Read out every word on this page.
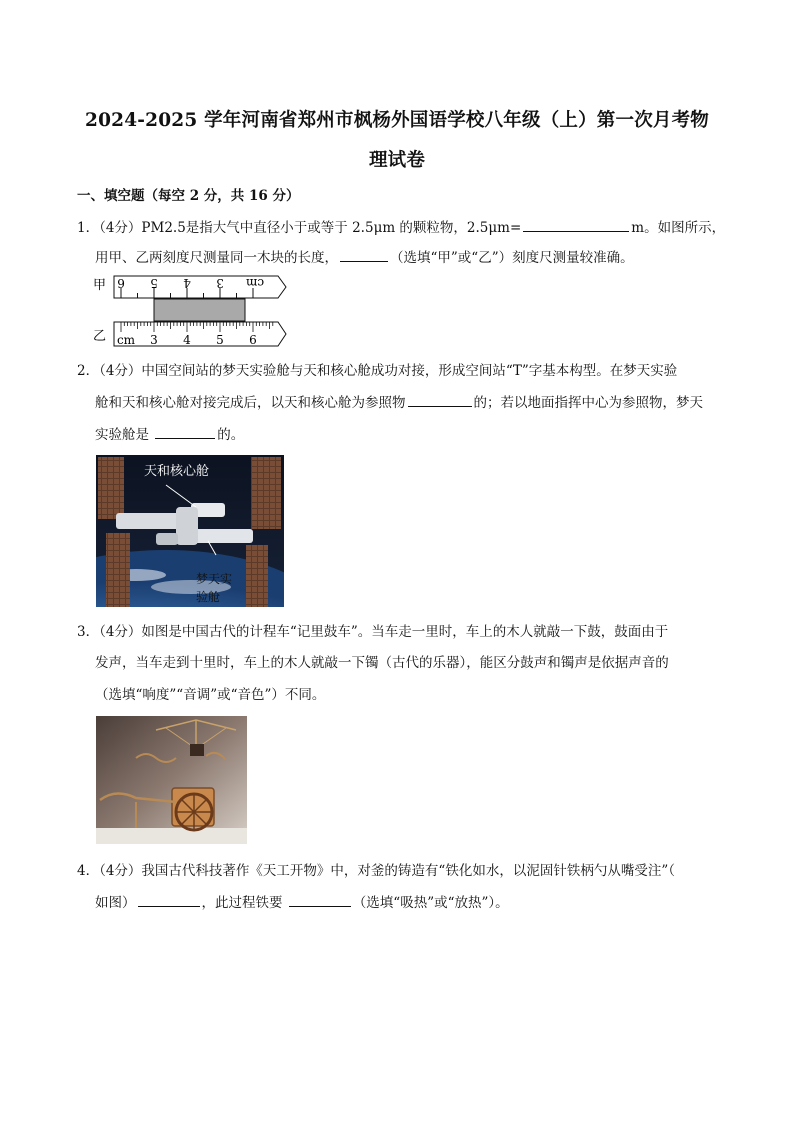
2024-2025 学年河南省郑州市枫杨外国语学校八年级（上）第一次月考物
理试卷
一、填空题（每空 2 分，共 16 分）
1．（4分）PM2.5是指大气中直径小于或等于 2.5μm 的颗粒物，2.5μm=	m。如图所示，
用甲、乙两刻度尺测量同一木块的长度，	（选填“甲”或“乙”）刻度尺测量较准确。
甲
乙
6 5 4 3 cm
cm 3 4 5 6
2．（4分）中国空间站的梦天实验舱与天和核心舱成功对接，形成空间站“T”字基本构型。在梦天实验
舱和天和核心舱对接完成后，以天和核心舱为参照物	的；若以地面指挥中心为参照物，梦天
实验舱是	的。
天和核心舱
梦天实
验舱
3．（4分）如图是中国古代的计程车“记里鼓车”。当车走一里时，车上的木人就敲一下鼓，鼓面由于
发声，当车走到十里时，车上的木人就敲一下镯（古代的乐器），能区分鼓声和镯声是依据声音的
（选填“响度”“音调”或“音色”）不同。
4．（4分）我国古代科技著作《天工开物》中，对釜的铸造有“铁化如水，以泥固针铁柄勺从嘴受注”（
如图）	，此过程铁要	（选填“吸热”或“放热”）。
